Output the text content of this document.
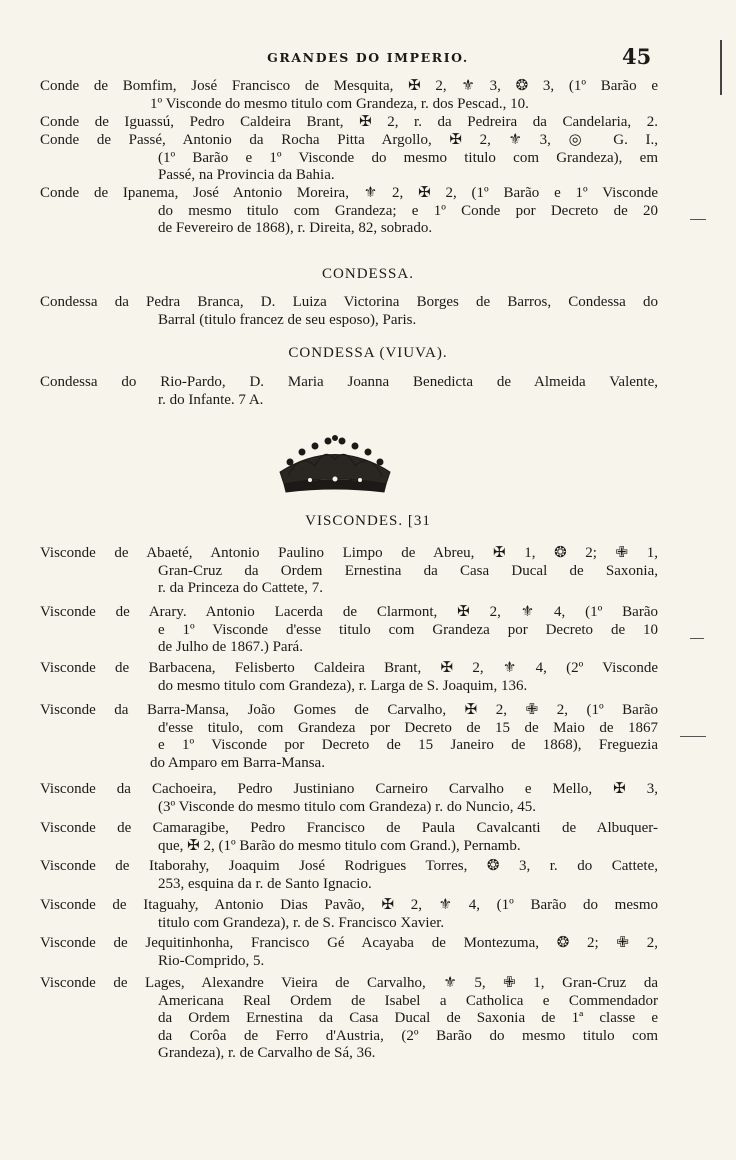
GRANDES DO IMPERIO.	45
Conde de Bomfim, José Francisco de Mesquita, ✠ 2, ⚜ 3, ❂ 3, (1º Barão e
1º Visconde do mesmo titulo com Grandeza, r. dos Pescad., 10.
Conde de Iguassú, Pedro Caldeira Brant, ✠ 2, r. da Pedreira da Candelaria, 2.
Conde de Passé, Antonio da Rocha Pitta Argollo, ✠ 2, ⚜ 3, ◎ G. I.,
(1º Barão e 1º Visconde do mesmo titulo com Grandeza), em
Passé, na Provincia da Bahia.
Conde de Ipanema, José Antonio Moreira, ⚜ 2, ✠ 2, (1º Barão e 1º Visconde
do mesmo titulo com Grandeza; e 1º Conde por Decreto de 20
de Fevereiro de 1868), r. Direita, 82, sobrado.
CONDESSA.
Condessa da Pedra Branca, D. Luiza Victorina Borges de Barros, Condessa do
Barral (titulo francez de seu esposo), Paris.
CONDESSA (VIUVA).
Condessa do Rio-Pardo, D. Maria Joanna Benedicta de Almeida Valente,
r. do Infante. 7 A.
VISCONDES. [31
Visconde de Abaeté, Antonio Paulino Limpo de Abreu, ✠ 1, ❂ 2; ✙ 1,
Gran-Cruz da Ordem Ernestina da Casa Ducal de Saxonia,
r. da Princeza do Cattete, 7.
Visconde de Arary. Antonio Lacerda de Clarmont, ✠ 2, ⚜ 4, (1º Barão
e 1º Visconde d'esse titulo com Grandeza por Decreto de 10
de Julho de 1867.) Pará.
Visconde de Barbacena, Felisberto Caldeira Brant, ✠ 2, ⚜ 4, (2º Visconde
do mesmo titulo com Grandeza), r. Larga de S. Joaquim, 136.
Visconde da Barra-Mansa, João Gomes de Carvalho, ✠ 2, ✙ 2, (1º Barão
d'esse titulo, com Grandeza por Decreto de 15 de Maio de 1867
e 1º Visconde por Decreto de 15 Janeiro de 1868), Freguezia
do Amparo em Barra-Mansa.
Visconde da Cachoeira, Pedro Justiniano Carneiro Carvalho e Mello, ✠ 3,
(3º Visconde do mesmo titulo com Grandeza) r. do Nuncio, 45.
Visconde de Camaragibe, Pedro Francisco de Paula Cavalcanti de Albuquer-
que, ✠ 2, (1º Barão do mesmo titulo com Grand.), Pernamb.
Visconde de Itaborahy, Joaquim José Rodrigues Torres, ❂ 3, r. do Cattete,
253, esquina da r. de Santo Ignacio.
Visconde de Itaguahy, Antonio Dias Pavão, ✠ 2, ⚜ 4, (1º Barão do mesmo
titulo com Grandeza), r. de S. Francisco Xavier.
Visconde de Jequitinhonha, Francisco Gé Acayaba de Montezuma, ❂ 2; ✙ 2,
Rio-Comprido, 5.
Visconde de Lages, Alexandre Vieira de Carvalho, ⚜ 5, ✙ 1, Gran-Cruz da
Americana Real Ordem de Isabel a Catholica e Commendador
da Ordem Ernestina da Casa Ducal de Saxonia de 1ª classe e
da Corôa de Ferro d'Austria, (2º Barão do mesmo titulo com
Grandeza), r. de Carvalho de Sá, 36.
